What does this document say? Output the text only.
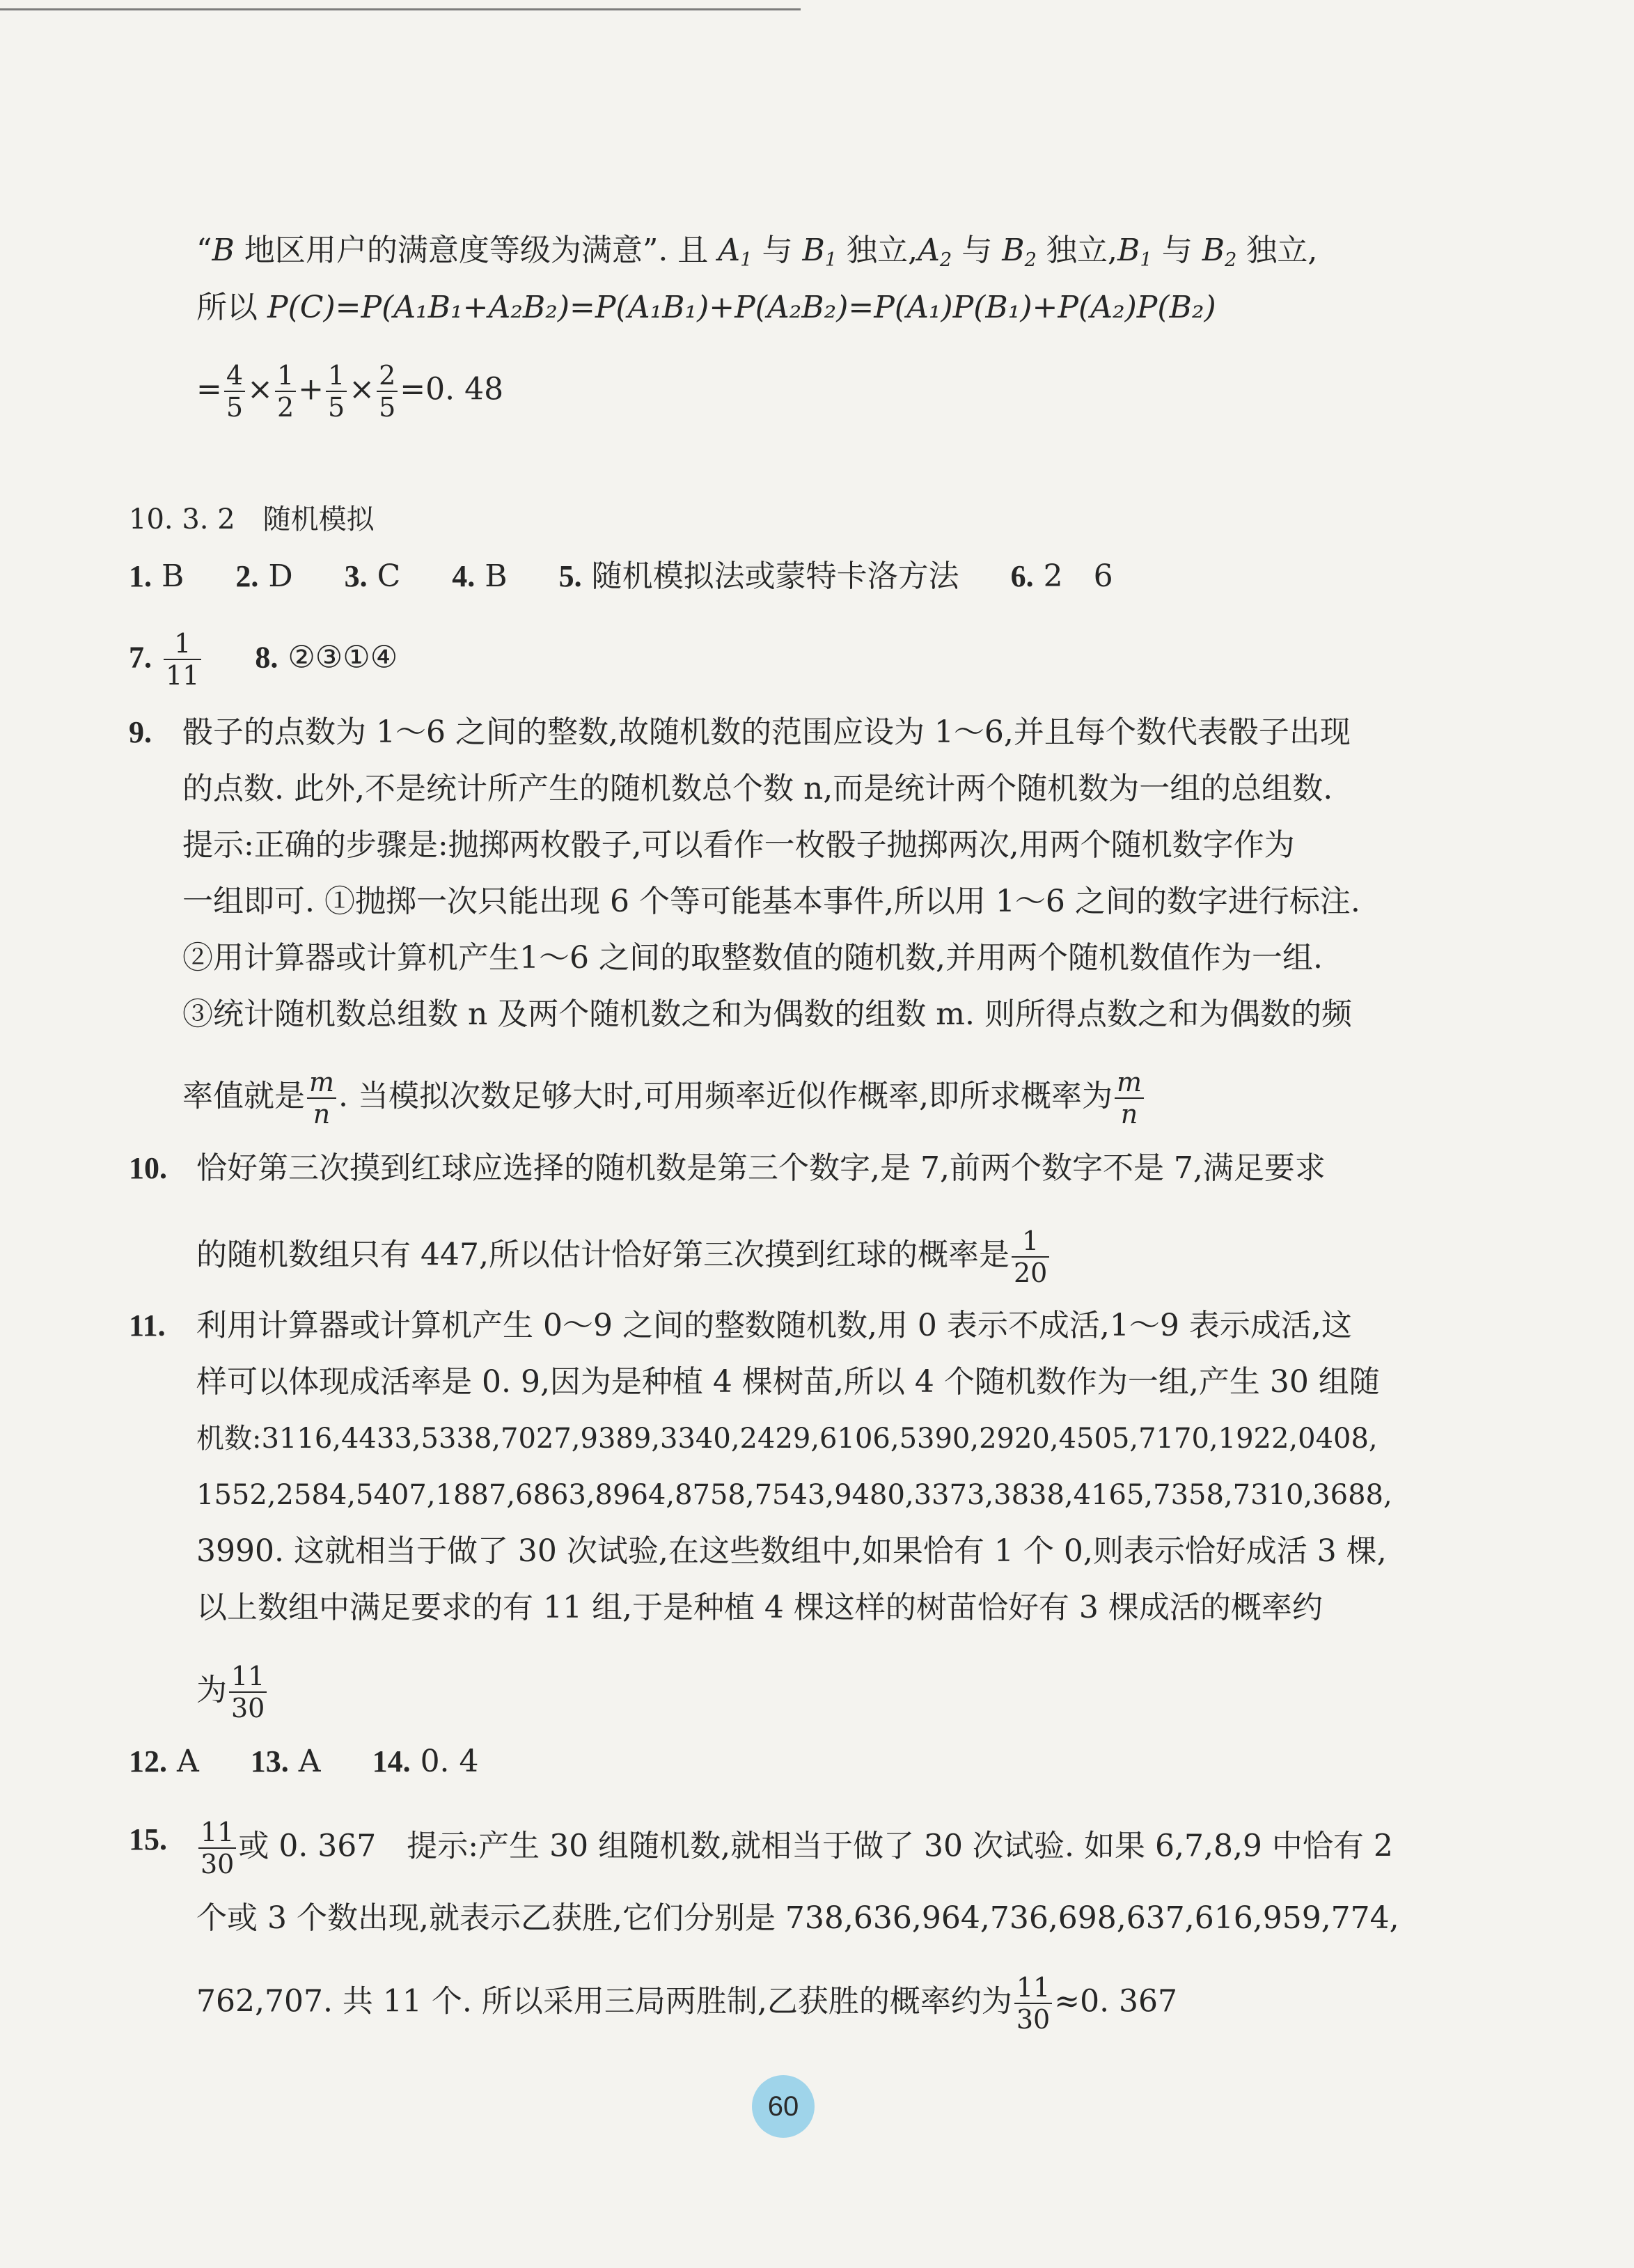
“B 地区用户的满意度等级为满意”. 且 $A_1$ 与 $B_1$ 独立$,A_2$ 与 $B_2$ 独立$,B_1$ 与 $B_2$ 独立,
所以 P(C)=P(A₁B₁+A₂B₂)=P(A₁B₁)+P(A₂B₂)=P(A₁)P(B₁)+P(A₂)P(B₂)
= $\frac{4}{5} \times \frac{1}{2} + \frac{1}{5} \times \frac{2}{5} =0$. 48
10. 3. 2　随机模拟
1. B 2. D 3. C 4. B 5. 随机模拟法或蒙特卡洛方法 6. 2　6
7. $\frac{1}{11} 8$. ②③①④
9. 骰子的点数为 1～6 之间的整数,故随机数的范围应设为 1～6,并且每个数代表骰子出现
的点数. 此外,不是统计所产生的随机数总个数 n,而是统计两个随机数为一组的总组数.
提示:正确的步骤是:抛掷两枚骰子,可以看作一枚骰子抛掷两次,用两个随机数字作为
一组即可. ①抛掷一次只能出现 6 个等可能基本事件,所以用 1～6 之间的数字进行标注.
②用计算器或计算机产生1～6 之间的取整数值的随机数,并用两个随机数值作为一组.
③统计随机数总组数 n 及两个随机数之和为偶数的组数 m. 则所得点数之和为偶数的频
率值就是 $\frac{m}{n}$ . 当模拟次数足够大时,可用频率近似作概率,即所求概率为 $\frac{m}{n}$
10. 恰好第三次摸到红球应选择的随机数是第三个数字,是 7,前两个数字不是 7,满足要求
的随机数组只有 447,所以估计恰好第三次摸到红球的概率是 $\frac{1}{20}$
11. 利用计算器或计算机产生 0～9 之间的整数随机数,用 0 表示不成活,1～9 表示成活,这
样可以体现成活率是 0. 9,因为是种植 4 棵树苗,所以 4 个随机数作为一组,产生 30 组随
机数:3116,4433,5338,7027,9389,3340,2429,6106,5390,2920,4505,7170,1922,0408,
1552,2584,5407,1887,6863,8964,8758,7543,9480,3373,3838,4165,7358,7310,3688,
3990. 这就相当于做了 30 次试验,在这些数组中,如果恰有 1 个 0,则表示恰好成活 3 棵,
以上数组中满足要求的有 11 组,于是种植 4 棵这样的树苗恰好有 3 棵成活的概率约
为 $\frac{11}{30}$
12. A 13. A 14. 0. 4
15. $\frac{11}{30}$ 或 0. 367　提示:产生 30 组随机数,就相当于做了 30 次试验. 如果 6,7,8,9 中恰有 2
个或 3 个数出现,就表示乙获胜,它们分别是 738,636,964,736,698,637,616,959,774,
762,707. 共 11 个. 所以采用三局两胜制,乙获胜的概率约为 $\frac{11}{30} \approx 0$. 367
60
